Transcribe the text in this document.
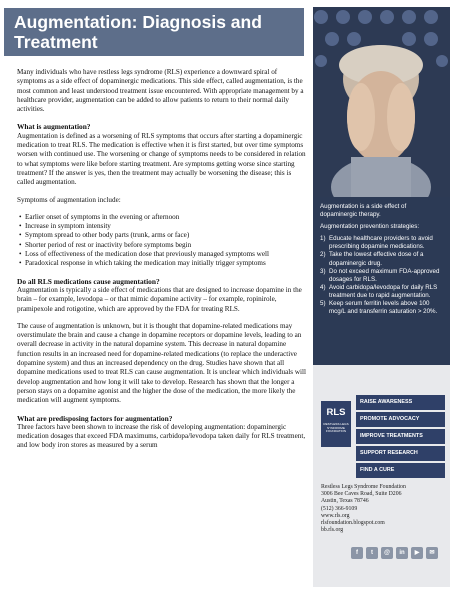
Augmentation: Diagnosis and Treatment

Many individuals who have restless legs syndrome (RLS) experience a downward spiral of symptoms as a side effect of dopaminergic medications. This side effect, called augmentation, is the most common and least understood treatment issue encountered. With appropriate management by a healthcare provider, augmentation can be added to allow patients to return to their normal daily activities.

What is augmentation?

Augmentation is defined as a worsening of RLS symptoms that occurs after starting a dopaminergic medication to treat RLS. The medication is effective when it is first started, but over time symptoms worsen with continued use. The worsening or change of symptoms needs to be considered in relation to what symptoms were like before starting treatment. Are symptoms getting worse since starting treatment? If the answer is yes, then the treatment may actually be worsening the disease; this is called augmentation.

Symptoms of augmentation include:

• Earlier onset of symptoms in the evening or afternoon
• Increase in symptom intensity
• Symptom spread to other body parts (trunk, arms or face)
• Shorter period of rest or inactivity before symptoms begin
• Loss of effectiveness of the medication dose that previously managed symptoms well
• Paradoxical response in which taking the medication may initially trigger symptoms
Do all RLS medications cause augmentation?

Augmentation is typically a side effect of medications that are designed to increase dopamine in the brain – for example, levodopa – or that mimic dopamine activity – for example, ropinirole, pramipexole and rotigotine, which are approved by the FDA for treating RLS.

The cause of augmentation is unknown, but it is thought that dopamine-related medications may overstimulate the brain and cause a change in dopamine receptors or dopamine levels, leading to an overall decrease in activity in the natural dopamine system. This decrease in natural dopamine function results in an increased need for dopamine-related medications (to replace the underactive dopamine system) and thus an increased dependency on the drug. Studies have shown that all dopamine medications used to treat RLS can cause augmentation. It is unclear which individuals will develop augmentation and how long it will take to develop. Research has shown that the longer a person stays on a dopamine agonist and the higher the dose of the medication, the more likely the medication will augment symptoms.

What are predisposing factors for augmentation?

Three factors have been shown to increase the risk of developing augmentation: dopaminergic medication dosages that exceed FDA maximums, carbidopa/levodopa taken daily for RLS treatment, and low body iron stores as measured by a serum

Augmentation is a side effect of dopaminergic therapy.

Augmentation prevention strategies:

1) Educate healthcare providers to avoid prescribing dopamine medications.
2) Take the lowest effective dose of a dopaminergic drug.
3) Do not exceed maximum FDA-approved dosages for RLS.
4) Avoid carbidopa/levodopa for daily RLS treatment due to rapid augmentation.
5) Keep serum ferritin levels above 100 mcg/L and transferrin saturation > 20%.
RLS
RESTLESS LEGS SYNDROME FOUNDATION
RAISE AWARENESS
PROMOTE ADVOCACY
IMPROVE TREATMENTS
SUPPORT RESEARCH
FIND A CURE
Restless Legs Syndrome Foundation
3006 Bee Caves Road, Suite D206
Austin, Texas 78746
(512) 366-9109
www.rls.org
rlsfoundation.blogspot.com
bb.rls.org
f	t	@	in	▶	✉
